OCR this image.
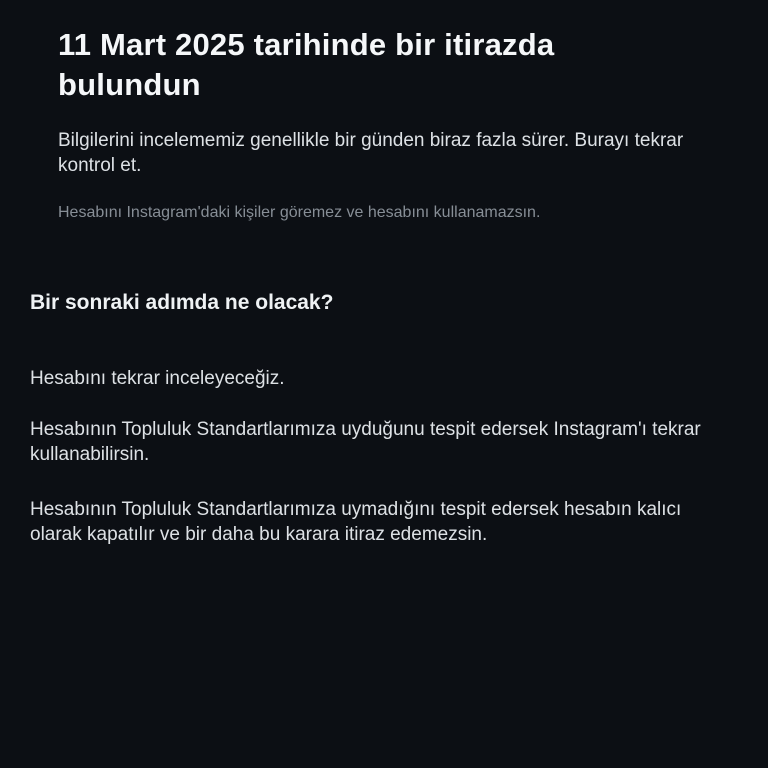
11 Mart 2025 tarihinde bir itirazda bulundun

Bilgilerini incelememiz genellikle bir günden biraz fazla sürer. Burayı tekrar kontrol et.

Hesabını Instagram'daki kişiler göremez ve hesabını kullanamazsın.

Bir sonraki adımda ne olacak?

Hesabını tekrar inceleyeceğiz.

Hesabının Topluluk Standartlarımıza uyduğunu tespit edersek Instagram'ı tekrar kullanabilirsin.

Hesabının Topluluk Standartlarımıza uymadığını tespit edersek hesabın kalıcı olarak kapatılır ve bir daha bu karara itiraz edemezsin.
